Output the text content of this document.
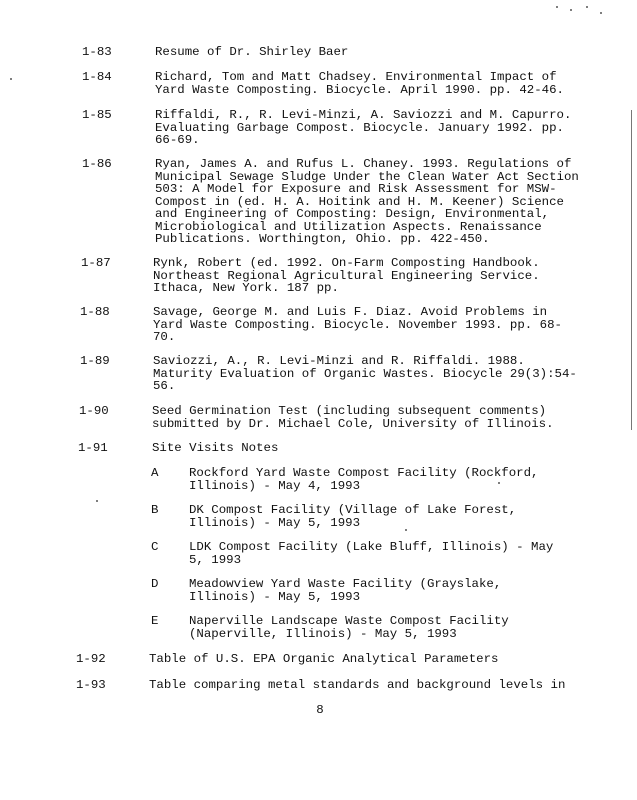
1-83	Resume of Dr. Shirley Baer
1-84	Richard, Tom and Matt Chadsey. Environmental Impact of
Yard Waste Composting. Biocycle. April 1990. pp. 42-46.
1-85	Riffaldi, R., R. Levi-Minzi, A. Saviozzi and M. Capurro.
Evaluating Garbage Compost. Biocycle. January 1992. pp.
66-69.
1-86	Ryan, James A. and Rufus L. Chaney. 1993. Regulations of
Municipal Sewage Sludge Under the Clean Water Act Section
503: A Model for Exposure and Risk Assessment for MSW-
Compost in (ed. H. A. Hoitink and H. M. Keener) Science
and Engineering of Composting: Design, Environmental,
Microbiological and Utilization Aspects. Renaissance
Publications. Worthington, Ohio. pp. 422-450.
1-87	Rynk, Robert (ed. 1992. On-Farm Composting Handbook.
Northeast Regional Agricultural Engineering Service.
Ithaca, New York. 187 pp.
1-88	Savage, George M. and Luis F. Diaz. Avoid Problems in
Yard Waste Composting. Biocycle. November 1993. pp. 68-
70.
1-89	Saviozzi, A., R. Levi-Minzi and R. Riffaldi. 1988.
Maturity Evaluation of Organic Wastes. Biocycle 29(3):54-
56.
1-90	Seed Germination Test (including subsequent comments)
submitted by Dr. Michael Cole, University of Illinois.
1-91	Site Visits Notes
A	Rockford Yard Waste Compost Facility (Rockford,
Illinois) - May 4, 1993
B	DK Compost Facility (Village of Lake Forest,
Illinois) - May 5, 1993
C	LDK Compost Facility (Lake Bluff, Illinois) - May
5, 1993
D	Meadowview Yard Waste Facility (Grayslake,
Illinois) - May 5, 1993
E	Naperville Landscape Waste Compost Facility
(Naperville, Illinois) - May 5, 1993
1-92	Table of U.S. EPA Organic Analytical Parameters
1-93	Table comparing metal standards and background levels in
8
